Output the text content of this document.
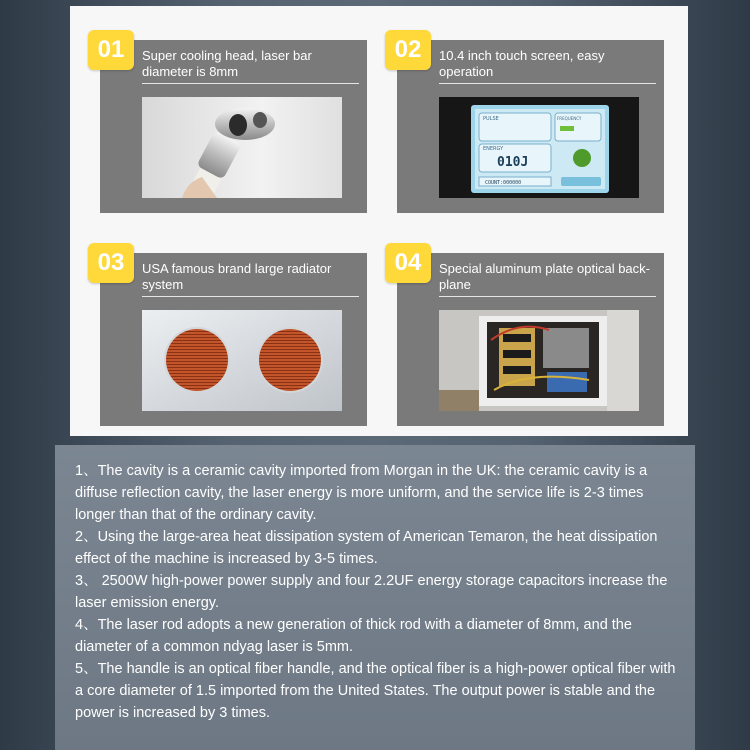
01	Super cooling head, laser bar diameter is 8mm
02	10.4 inch touch screen, easy operation
PULSE	FREQUENCY
ENERGY
010J
COUNT:000000
03	USA famous brand large radiator system
04	Special aluminum plate optical back-plane

1、The cavity is a ceramic cavity imported from Morgan in the UK: the ceramic cavity is a diffuse reflection cavity, the laser energy is more uniform, and the service life is 2-3 times longer than that of the ordinary cavity.

2、Using the large-area heat dissipation system of American Temaron, the heat dissipation effect of the machine is increased by 3-5 times.

3、 2500W high-power power supply and four 2.2UF energy storage capacitors increase the laser emission energy.

4、The laser rod adopts a new generation of thick rod with a diameter of 8mm, and the diameter of a common ndyag laser is 5mm.

5、The handle is an optical fiber handle, and the optical fiber is a high-power optical fiber with a core diameter of 1.5 imported from the United States. The output power is stable and the power is increased by 3 times.
